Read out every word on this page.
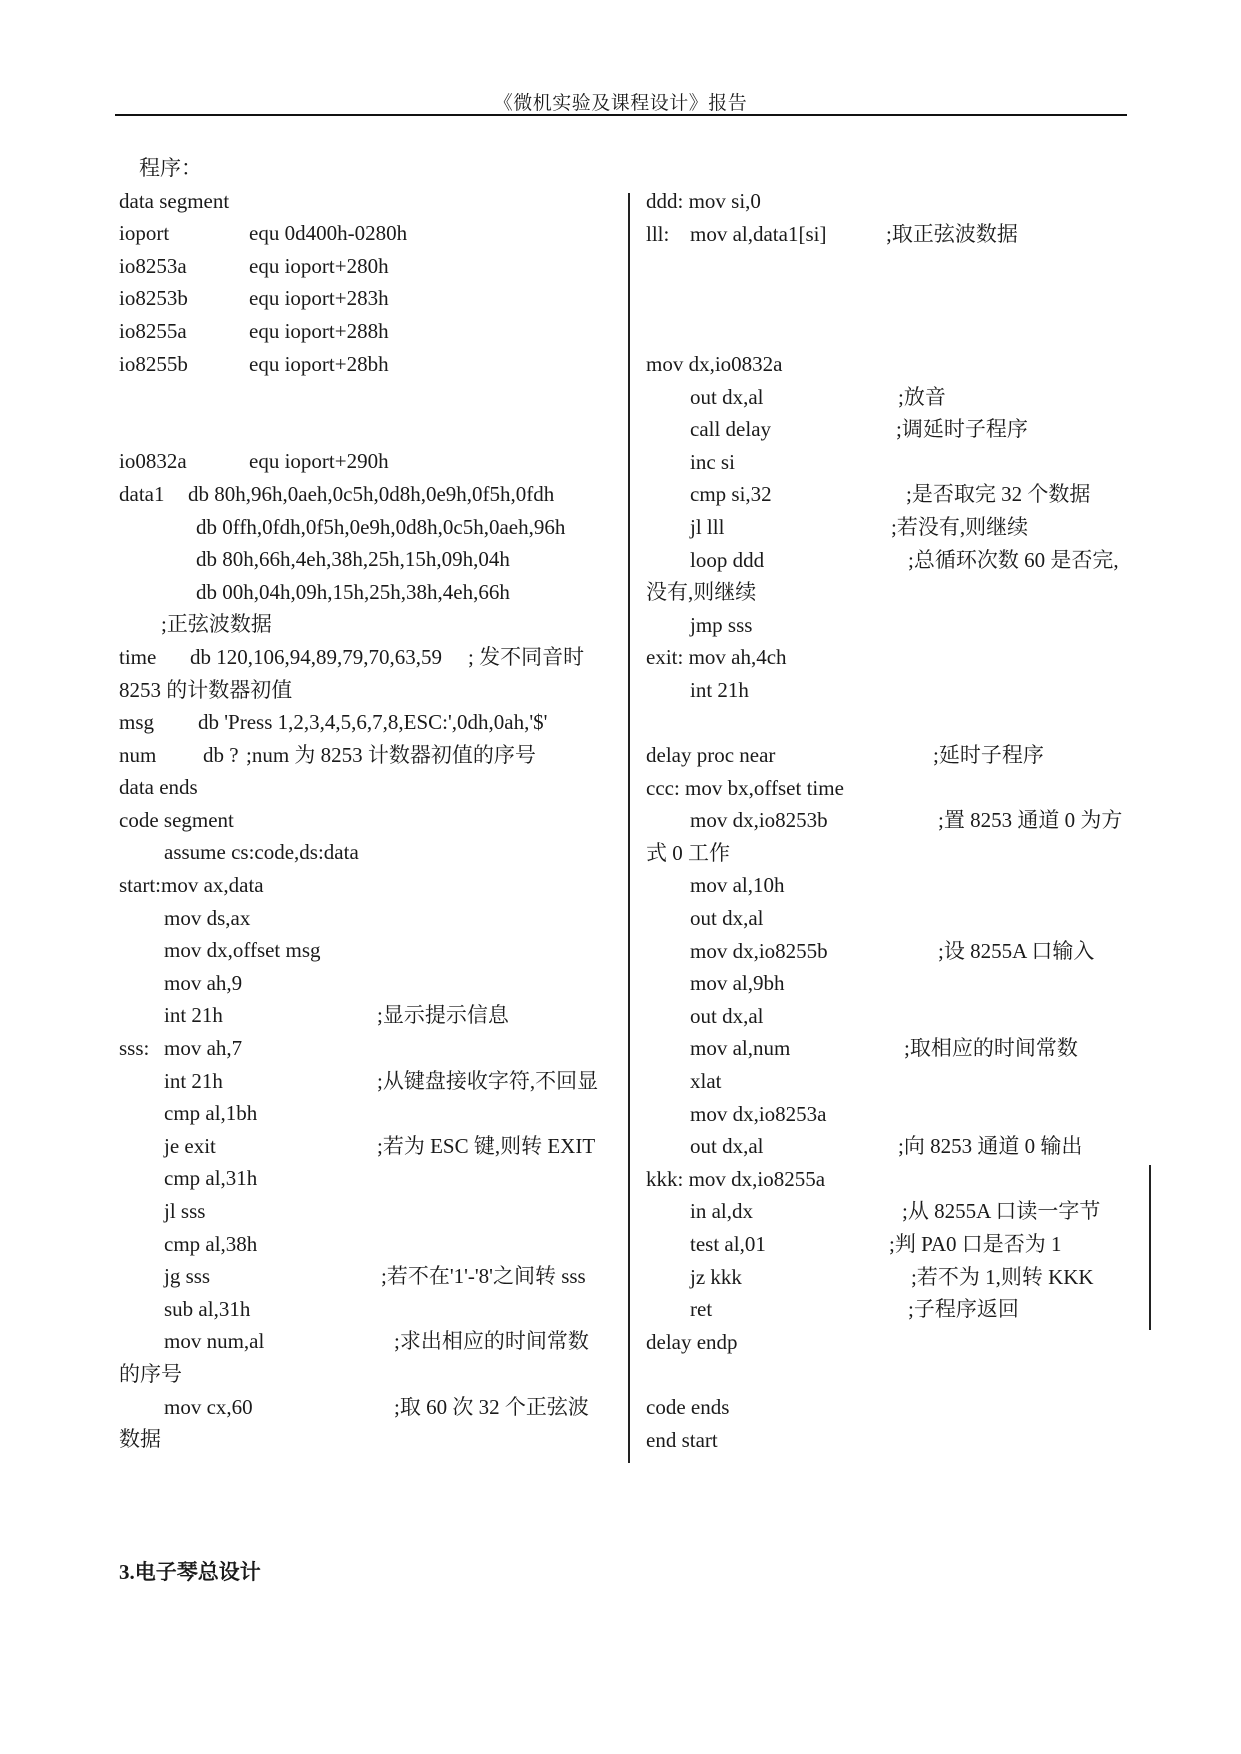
《微机实验及课程设计》报告
程序：
data segment
ioport	equ 0d400h-0280h
io8253a	equ ioport+280h
io8253b	equ ioport+283h
io8255a	equ ioport+288h
io8255b	equ ioport+28bh
io0832a	equ ioport+290h
data1 db 80h,96h,0aeh,0c5h,0d8h,0e9h,0f5h,0fdh
db 0ffh,0fdh,0f5h,0e9h,0d8h,0c5h,0aeh,96h
db 80h,66h,4eh,38h,25h,15h,09h,04h
db 00h,04h,09h,15h,25h,38h,4eh,66h
;正弦波数据
time db 120,106,94,89,79,70,63,59 ; 发不同音时
8253 的计数器初值
msg db 'Press 1,2,3,4,5,6,7,8,ESC:',0dh,0ah,'$'
num db ? ;num 为 8253 计数器初值的序号
data ends
code segment
assume cs:code,ds:data
start:mov ax,data
mov ds,ax
mov dx,offset msg
mov ah,9
int 21h	;显示提示信息
sss: mov ah,7
int 21h	;从键盘接收字符,不回显
cmp al,1bh
je exit	;若为 ESC 键,则转 EXIT
cmp al,31h
jl sss
cmp al,38h
jg sss	;若不在'1'-'8'之间转 sss
sub al,31h
mov num,al	;求出相应的时间常数
的序号
mov cx,60	;取 60 次 32 个正弦波
数据
ddd: mov si,0
lll: mov al,data1[si]	;取正弦波数据
mov dx,io0832a
out dx,al	;放音
call delay	;调延时子程序
inc si
cmp si,32	;是否取完 32 个数据
jl lll	;若没有,则继续
loop ddd	;总循环次数 60 是否完,
没有,则继续
jmp sss
exit: mov ah,4ch
int 21h
delay proc near	;延时子程序
ccc: mov bx,offset time
mov dx,io8253b	;置 8253 通道 0 为方
式 0 工作
mov al,10h
out dx,al
mov dx,io8255b	;设 8255A 口输入
mov al,9bh
out dx,al
mov al,num	;取相应的时间常数
xlat
mov dx,io8253a
out dx,al	;向 8253 通道 0 输出
kkk: mov dx,io8255a
in al,dx	;从 8255A 口读一字节
test al,01	;判 PA0 口是否为 1
jz kkk	;若不为 1,则转 KKK
ret	;子程序返回
delay endp
code ends
end start
3.电子琴总设计
